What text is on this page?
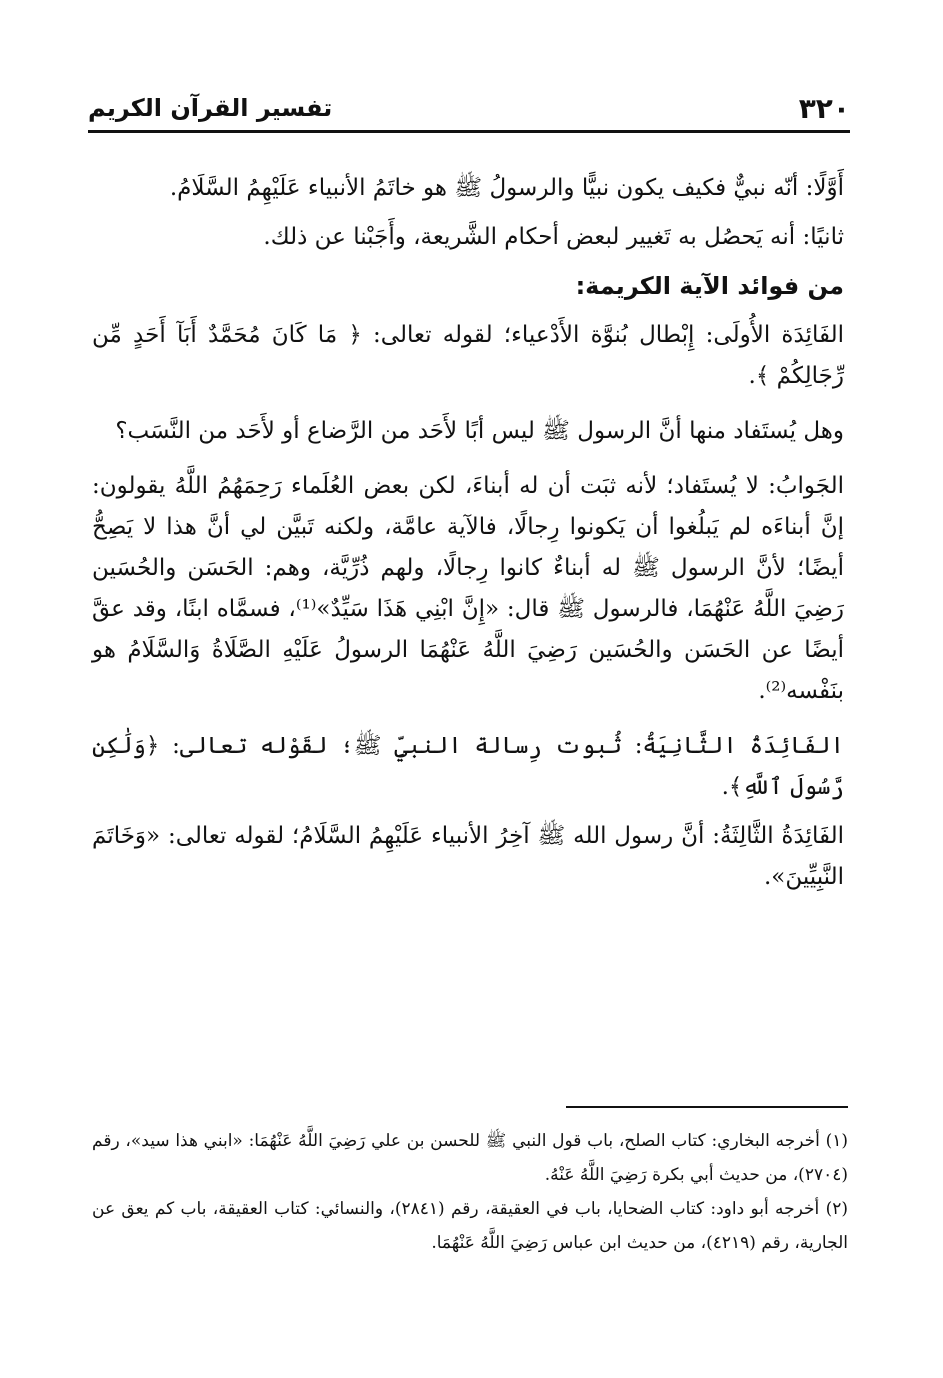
٣٢٠
تفسير القرآن الكريم

أَوَّلًا: أنّه نبيٌّ فكيف يكون نبيًّا والرسولُ ﷺ هو خاتَمُ الأنبياء عَلَيْهِمُ السَّلَامُ.

ثانيًا: أنه يَحصُل به تَغيير لبعض أحكام الشَّريعة، وأَجَبْنا عن ذلك.

من فوائد الآية الكريمة:

الفَائِدَة الأُولَى: إِبْطال بُنوَّة الأَدْعياء؛ لقوله تعالى: ﴿ مَا كَانَ مُحَمَّدٌ أَبَآ أَحَدٍ مِّن رِّجَالِكُمْ ﴾.

وهل يُستَفاد منها أنَّ الرسول ﷺ ليس أبًا لأَحَد من الرَّضاع أو لأَحَد من النَّسَب؟

الجَوابُ: لا يُستَفاد؛ لأنه ثبَت أن له أبناءَ، لكن بعض العُلَماء رَحِمَهُمُ اللَّهُ يقولون: إنَّ أبناءَه لم يَبلُغوا أن يَكونوا رِجالًا، فالآية عامَّة، ولكنه تَبيَّن لي أنَّ هذا لا يَصِحُّ أيضًا؛ لأنَّ الرسول ﷺ له أبناءٌ كانوا رِجالًا، ولهم ذُرِّيَّة، وهم: الحَسَن والحُسَين رَضِيَ اللَّهُ عَنْهُمَا، فالرسول ﷺ قال: «إِنَّ ابْنِي هَذَا سَيِّدٌ»⁽¹⁾، فسمَّاه ابنًا، وقد عقَّ أيضًا عن الحَسَن والحُسَين رَضِيَ اللَّهُ عَنْهُمَا الرسولُ عَلَيْهِ الصَّلَاةُ وَالسَّلَامُ هو بنَفْسه⁽²⁾.

الفَائِدَةُ الثَّانِيَةُ: ثُبوت رِسالة النبيِّ ﷺ؛ لقَوْله تعالى: ﴿وَلَٰكِن رَّسُولَ ٱللَّهِ﴾.

الفَائِدَةُ الثَّالِثَةُ: أنَّ رسول الله ﷺ آخِرُ الأنبياء عَلَيْهِمُ السَّلَامُ؛ لقوله تعالى: «وَخَاتَمَ النَّبِيِّينَ».

(١) أخرجه البخاري: كتاب الصلح، باب قول النبي ﷺ للحسن بن علي رَضِيَ اللَّهُ عَنْهُمَا: «ابني هذا سيد»، رقم (٢٧٠٤)، من حديث أبي بكرة رَضِيَ اللَّهُ عَنْهُ.

(٢) أخرجه أبو داود: كتاب الضحايا، باب في العقيقة، رقم (٢٨٤١)، والنسائي: كتاب العقيقة، باب كم يعق عن الجارية، رقم (٤٢١٩)، من حديث ابن عباس رَضِيَ اللَّهُ عَنْهُمَا.
